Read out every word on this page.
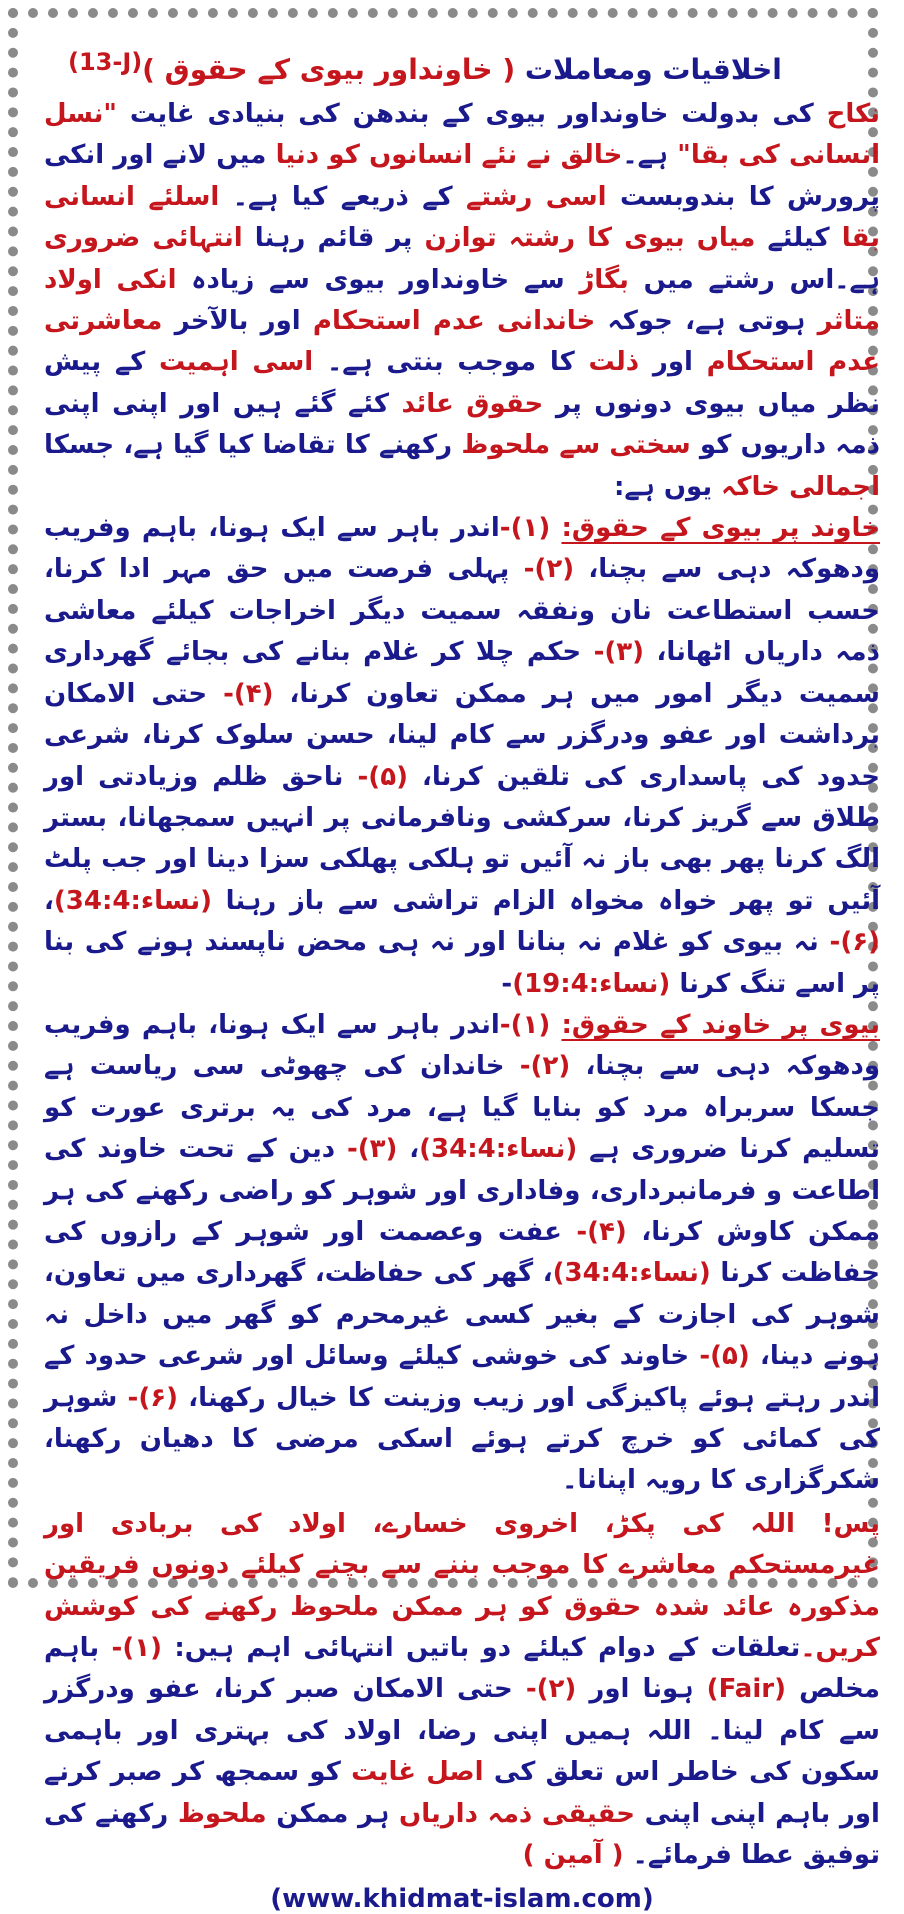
(13-J)	اخلاقیات ومعاملات ( خاونداور بیوی کے حقوق )
نکاح کی بدولت خاونداور بیوی کے بندھن کی بنیادی غایت "نسل انسانی کی بقا" ہے۔خالق نے نئے انسانوں کو دنیا میں لانے اور انکی پرورش کا بندوبست اسی رشتے کے ذریعے کیا ہے۔ اسلئے انسانی بقا کیلئے میاں بیوی کا رشتہ توازن پر قائم رہنا انتہائی ضروری ہے۔اس رشتے میں بگاڑ سے خاونداور بیوی سے زیادہ انکی اولاد متاثر ہوتی ہے، جوکہ خاندانی عدم استحکام اور بالآخر معاشرتی عدم استحکام اور ذلت کا موجب بنتی ہے۔ اسی اہمیت کے پیش نظر میاں بیوی دونوں پر حقوق عائد کئے گئے ہیں اور اپنی اپنی ذمہ داریوں کو سختی سے ملحوظ رکھنے کا تقاضا کیا گیا ہے، جسکا اجمالی خاکہ یوں ہے:
خاوند پر بیوی کے حقوق: (۱)-اندر باہر سے ایک ہونا، باہم وفریب ودھوکہ دہی سے بچنا، (۲)- پہلی فرصت میں حق مہر ادا کرنا، حسب استطاعت نان ونفقہ سمیت دیگر اخراجات کیلئے معاشی ذمہ داریاں اٹھانا، (۳)- حکم چلا کر غلام بنانے کی بجائے گھرداری سمیت دیگر امور میں ہر ممکن تعاون کرنا، (۴)- حتی الامکان برداشت اور عفو ودرگزر سے کام لینا، حسن سلوک کرنا، شرعی حدود کی پاسداری کی تلقین کرنا، (۵)- ناحق ظلم وزیادتی اور طلاق سے گریز کرنا، سرکشی ونافرمانی پر انہیں سمجھانا، بستر الگ کرنا پھر بھی باز نہ آئیں تو ہلکی پھلکی سزا دینا اور جب پلٹ آئیں تو پھر خواہ مخواہ الزام تراشی سے باز رہنا (نساء:34:4)، (۶)- نہ بیوی کو غلام نہ بنانا اور نہ ہی محض ناپسند ہونے کی بنا پر اسے تنگ کرنا (نساء:19:4)-
بیوی پر خاوند کے حقوق: (۱)-اندر باہر سے ایک ہونا، باہم وفریب ودھوکہ دہی سے بچنا، (۲)- خاندان کی چھوٹی سی ریاست ہے جسکا سربراہ مرد کو بنایا گیا ہے، مرد کی یہ برتری عورت کو تسلیم کرنا ضروری ہے (نساء:34:4)، (۳)- دین کے تحت خاوند کی اطاعت و فرمانبرداری، وفاداری اور شوہر کو راضی رکھنے کی ہر ممکن کاوش کرنا، (۴)- عفت وعصمت اور شوہر کے رازوں کی حفاظت کرنا (نساء:34:4)، گھر کی حفاظت، گھرداری میں تعاون، شوہر کی اجازت کے بغیر کسی غیرمحرم کو گھر میں داخل نہ ہونے دینا، (۵)- خاوند کی خوشی کیلئے وسائل اور شرعی حدود کے اندر رہتے ہوئے پاکیزگی اور زیب وزینت کا خیال رکھنا، (۶)- شوہر کی کمائی کو خرچ کرتے ہوئے اسکی مرضی کا دھیان رکھنا، شکرگزاری کا رویہ اپنانا۔
پس! اللہ کی پکڑ، اخروی خسارے، اولاد کی بربادی اور غیرمستحکم معاشرے کا موجب بننے سے بچنے کیلئے دونوں فریقین مذکورہ عائد شدہ حقوق کو ہر ممکن ملحوظ رکھنے کی کوشش کریں۔تعلقات کے دوام کیلئے دو باتیں انتہائی اہم ہیں: (۱)- باہم مخلص (Fair) ہونا اور (۲)- حتی الامکان صبر کرنا، عفو ودرگزر سے کام لینا۔ اللہ ہمیں اپنی رضا، اولاد کی بہتری اور باہمی سکون کی خاطر اس تعلق کی اصل غایت کو سمجھ کر صبر کرنے اور باہم اپنی اپنی حقیقی ذمہ داریاں ہر ممکن ملحوظ رکھنے کی توفیق عطا فرمائے۔ ( آمین )
(www.khidmat-islam.com)
